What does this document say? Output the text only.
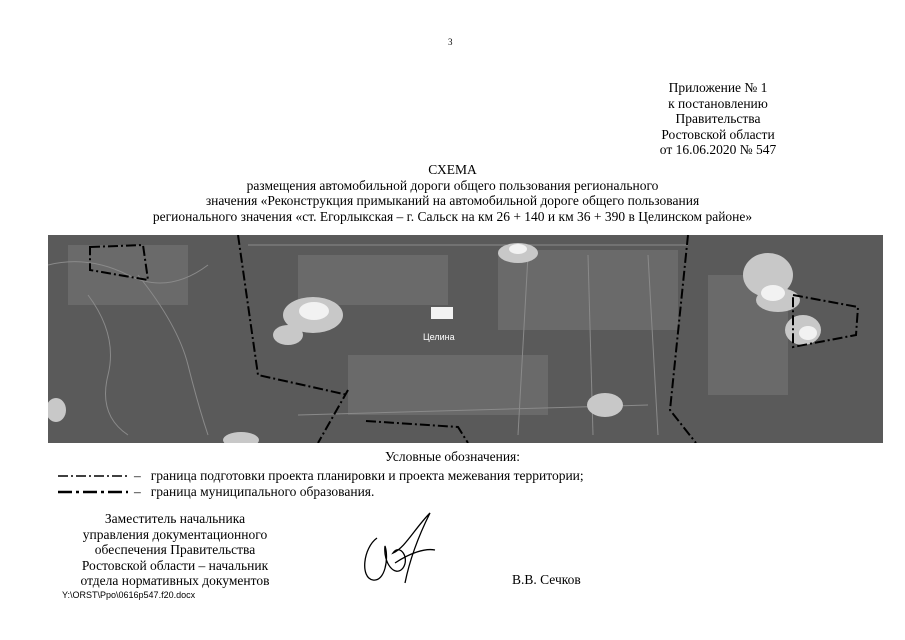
3
Приложение № 1
к постановлению
Правительства
Ростовской области
от 16.06.2020 № 547
СХЕМА
размещения автомобильной дороги общего пользования регионального
значения «Реконструкция примыканий на автомобильной дороге общего пользования
регионального значения «ст. Егорлыкская – г. Сальск на км 26 + 140 и км 36 + 390 в Целинском районе»
Целина
Условные обозначения:
– граница подготовки проекта планировки и проекта межевания территории;
– граница муниципального образования.
Заместитель начальника
управления документационного
обеспечения Правительства
Ростовской области – начальник
отдела нормативных документов	В.В. Сечков
Y:\ORST\Ppo\0616p547.f20.docx
